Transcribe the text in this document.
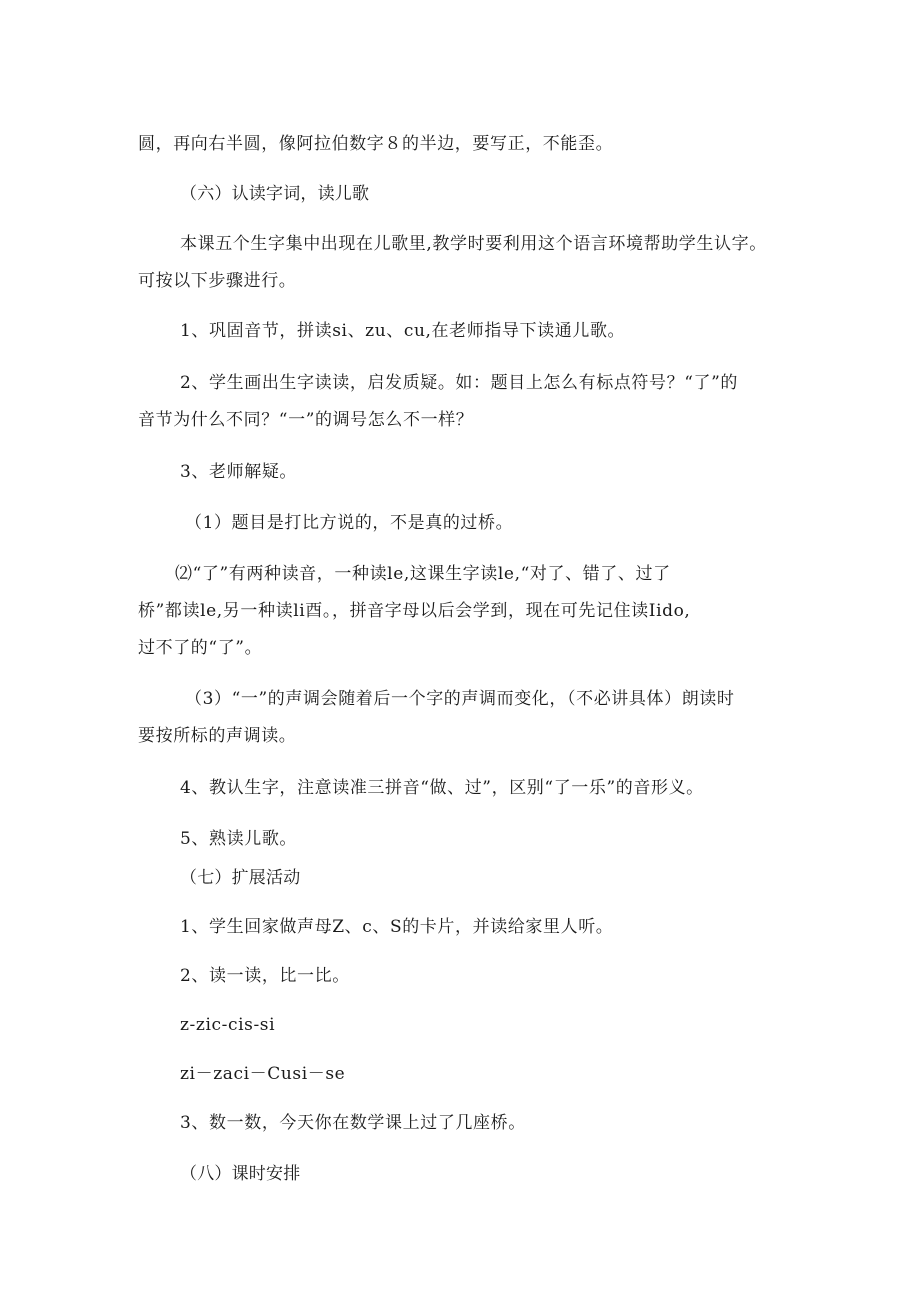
圆，再向右半圆，像阿拉伯数字８的半边，要写正，不能歪。

（六）认读字词，读儿歌

本课五个生字集中出现在儿歌里,教学时要利用这个语言环境帮助学生认字。

可按以下步骤进行。

1、巩固音节，拼读si、zu、cu,在老师指导下读通儿歌。

2、学生画出生字读读，启发质疑。如：题目上怎么有标点符号？“了”的

音节为什么不同？“一”的调号怎么不一样？

3、老师解疑。

（1）题目是打比方说的，不是真的过桥。

⑵“了”有两种读音，一种读le,这课生字读le,“对了、错了、过了

桥”都读le,另一种读li酉。，拼音字母以后会学到，现在可先记住读Iido,

过不了的“了”。

（3）“一”的声调会随着后一个字的声调而变化，（不必讲具体）朗读时

要按所标的声调读。

4、教认生字，注意读准三拼音“做、过”，区别“了一乐”的音形义。

5、熟读儿歌。

（七）扩展活动

1、学生回家做声母Z、c、S的卡片，并读给家里人听。

2、读一读，比一比。

z-zic-cis-si

zi－zaci－Cusi－se

3、数一数，今天你在数学课上过了几座桥。

（八）课时安排
